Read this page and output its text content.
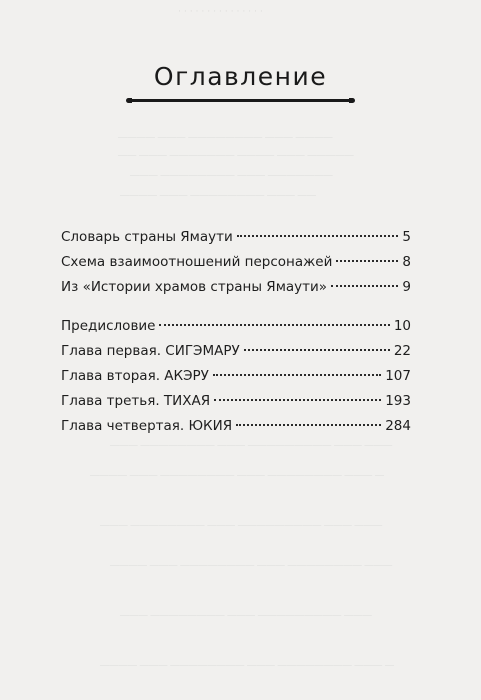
· · · · · · · · · · · · · · ·
———— ——— ———————— ——— ————
—— ——— ——————— ———— ——— —————
——— ———————— ——— ———————
———— ——— ———————— ——— ——
——— ———————— ——— ————————— ——— ———
———— ——— ———————— ——— ———————— ——— —
——— ———————— ——— ————————— ——— ———
———— ——— ———————— ——— ———————— ———
——— ———————— ——— ————————— ———
———— ——— ———————— ——— ———————— ——— —
Оглавление
Словарь страны Ямаути	5
Схема взаимоотношений персонажей	8
Из «Истории храмов страны Ямаути»	9
Предисловие	10
Глава первая. СИГЭМАРУ	22
Глава вторая. АКЭРУ	107
Глава третья. ТИХАЯ	193
Глава четвертая. ЮКИЯ	284
